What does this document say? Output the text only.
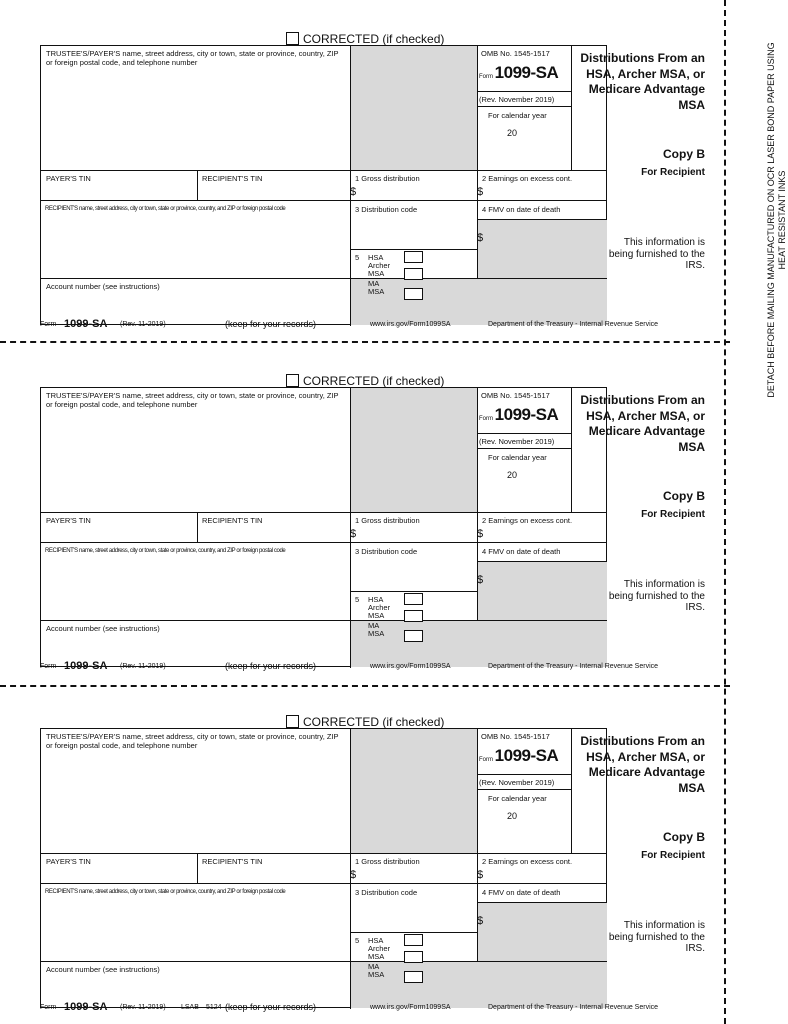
DETACH BEFORE MAILING MANUFACTURED ON OCR LASER BOND PAPER USING HEAT RESISTANT INKS
CORRECTED (if checked)
TRUSTEE'S/PAYER'S name, street address, city or town, state or province, country, ZIP or foreign postal code, and telephone number
OMB No. 1545-1517
Form 1099-SA
(Rev. November 2019)
For calendar year
20
PAYER'S TIN	RECIPIENT'S TIN	1 Gross distribution
$
2 Earnings on excess cont.
$
RECIPIENT'S name, street address, city or town, state or province, country, and ZIP or foreign postal code	3 Distribution code	4 FMV on date of death
$
5 HSA
Archer MSA
MA MSA
Account number (see instructions)
Distributions From an HSA, Archer MSA, or Medicare Advantage MSA
Copy B
For Recipient
This information is being furnished to the IRS.
Form 1099-SA (Rev. 11-2019)	(keep for your records)	www.irs.gov/Form1099SA	Department of the Treasury - Internal Revenue Service
CORRECTED (if checked)
TRUSTEE'S/PAYER'S name, street address, city or town, state or province, country, ZIP or foreign postal code, and telephone number
OMB No. 1545-1517
Form 1099-SA
(Rev. November 2019)
For calendar year
20
PAYER'S TIN	RECIPIENT'S TIN	1 Gross distribution
$
2 Earnings on excess cont.
$
RECIPIENT'S name, street address, city or town, state or province, country, and ZIP or foreign postal code	3 Distribution code	4 FMV on date of death
$
5 HSA
Archer MSA
MA MSA
Account number (see instructions)
Distributions From an HSA, Archer MSA, or Medicare Advantage MSA
Copy B
For Recipient
This information is being furnished to the IRS.
Form 1099-SA (Rev. 11-2019)	(keep for your records)	www.irs.gov/Form1099SA	Department of the Treasury - Internal Revenue Service
CORRECTED (if checked)
TRUSTEE'S/PAYER'S name, street address, city or town, state or province, country, ZIP or foreign postal code, and telephone number
OMB No. 1545-1517
Form 1099-SA
(Rev. November 2019)
For calendar year
20
PAYER'S TIN	RECIPIENT'S TIN	1 Gross distribution
$
2 Earnings on excess cont.
$
RECIPIENT'S name, street address, city or town, state or province, country, and ZIP or foreign postal code	3 Distribution code	4 FMV on date of death
$
5 HSA
Archer MSA
MA MSA
Account number (see instructions)
Distributions From an HSA, Archer MSA, or Medicare Advantage MSA
Copy B
For Recipient
This information is being furnished to the IRS.
Form 1099-SA (Rev. 11-2019) LSAB 5124 (keep for your records)	www.irs.gov/Form1099SA	Department of the Treasury - Internal Revenue Service
